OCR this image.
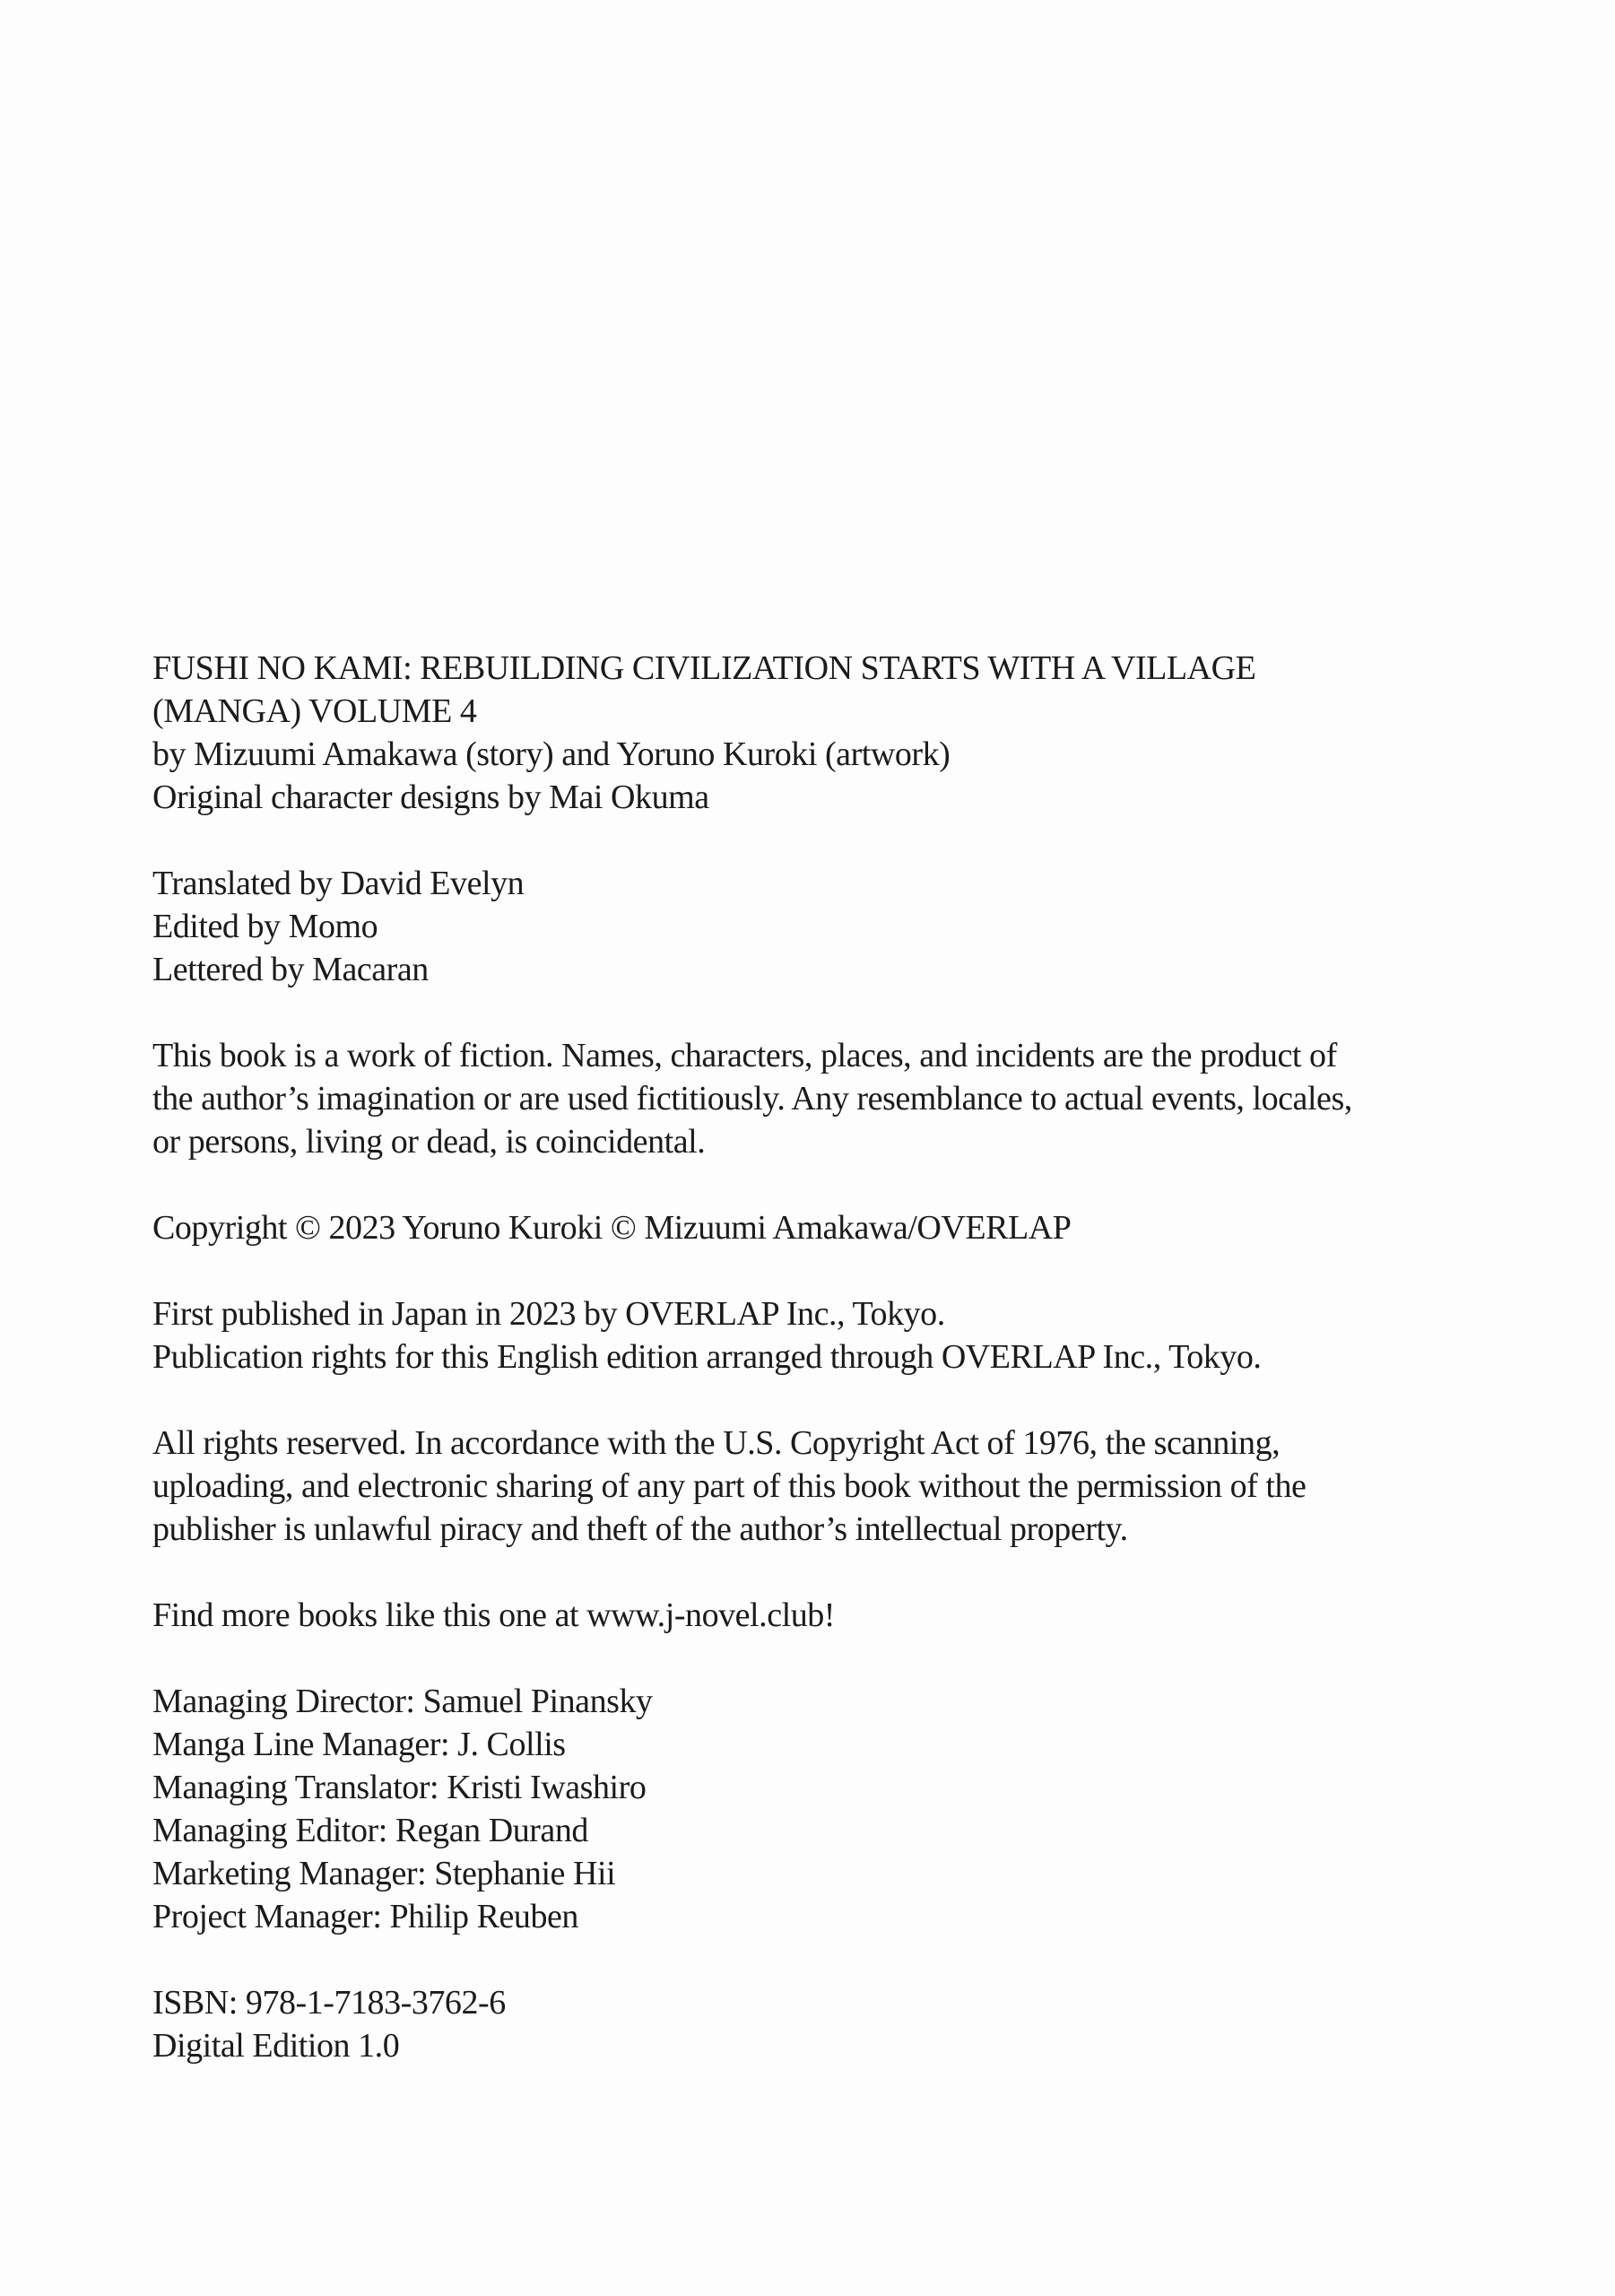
FUSHI NO KAMI: REBUILDING CIVILIZATION STARTS WITH A VILLAGE
(MANGA) VOLUME 4
by Mizuumi Amakawa (story) and Yoruno Kuroki (artwork)
Original character designs by Mai Okuma
Translated by David Evelyn
Edited by Momo
Lettered by Macaran
This book is a work of fiction. Names, characters, places, and incidents are the product of
the author’s imagination or are used fictitiously. Any resemblance to actual events, locales,
or persons, living or dead, is coincidental.
Copyright © 2023 Yoruno Kuroki © Mizuumi Amakawa/OVERLAP
First published in Japan in 2023 by OVERLAP Inc., Tokyo.
Publication rights for this English edition arranged through OVERLAP Inc., Tokyo.
All rights reserved. In accordance with the U.S. Copyright Act of 1976, the scanning,
uploading, and electronic sharing of any part of this book without the permission of the
publisher is unlawful piracy and theft of the author’s intellectual property.
Find more books like this one at www.j-novel.club!
Managing Director: Samuel Pinansky
Manga Line Manager: J. Collis
Managing Translator: Kristi Iwashiro
Managing Editor: Regan Durand
Marketing Manager: Stephanie Hii
Project Manager: Philip Reuben
ISBN: 978-1-7183-3762-6
Digital Edition 1.0
